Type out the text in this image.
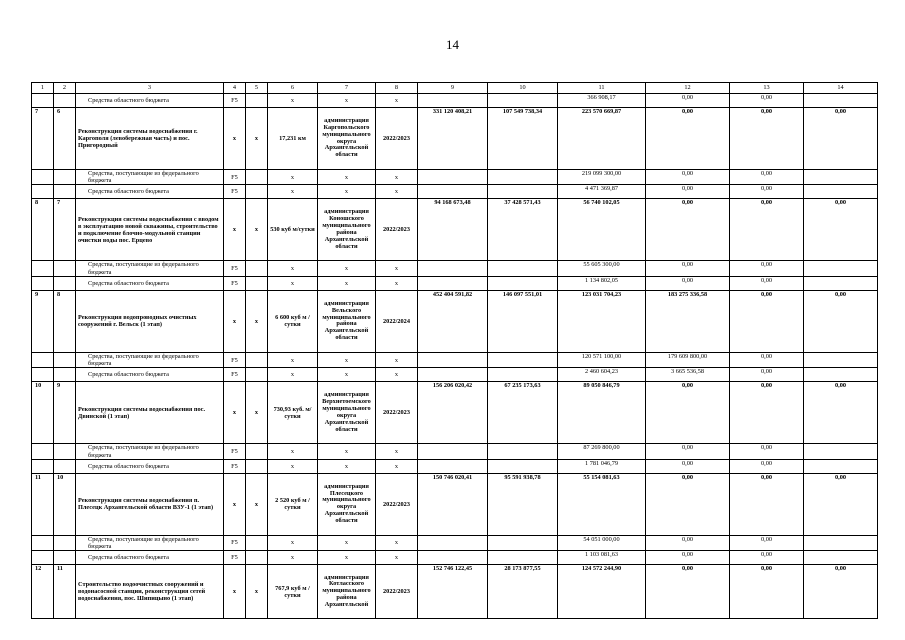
14
1	2	3	4	5	6	7	8	9	10	11	12	13	14
		Средства областного бюджета	F5		x	x	x			366 908,17	0,00	0,00	
7	6	Реконструкция системы водоснабжения г. Каргополя (левобережная часть) и пос. Пригородный	x	x	17,231 км	администрация Каргопольского муниципального округа Архангельской области	2022/2023	331 120 408,21	107 549 738,34	223 570 669,87	0,00	0,00	0,00
		Средства, поступающие из федерального бюджета	F5		x	x	x			219 099 300,00	0,00	0,00	
		Средства областного бюджета	F5		x	x	x			4 471 369,87	0,00	0,00	
8	7	Реконструкция системы водоснабжения с вводом в эксплуатацию новой скважины, строительство и подключение блочно-модульной станции очистки воды пос. Ерцево	x	x	530 куб м/сутки	администрация Коношского муниципального района Архангельской области	2022/2023	94 168 673,48	37 428 571,43	56 740 102,05	0,00	0,00	0,00
		Средства, поступающие из федерального бюджета	F5		x	x	x			55 605 300,00	0,00	0,00	
		Средства областного бюджета	F5		x	x	x			1 134 802,05	0,00	0,00	
9	8	Реконструкция водопроводных очистных сооружений г. Вельск (1 этап)	x	x	6 600 куб м / сутки	администрация Вельского муниципального района Архангельской области	2022/2024	452 404 591,82	146 097 551,01	123 031 704,23	183 275 336,58	0,00	0,00
		Средства, поступающие из федерального бюджета	F5		x	x	x			120 571 100,00	179 609 800,00	0,00	
		Средства областного бюджета	F5		x	x	x			2 460 604,23	3 665 536,58	0,00	
10	9	Реконструкция системы водоснабжения пос. Двинской (1 этап)	x	x	730,93 куб. м/сутки	администрация Верхнетоемского муниципального округа Архангельской области	2022/2023	156 206 020,42	67 235 173,63	89 050 846,79	0,00	0,00	0,00
		Средства, поступающие из федерального бюджета	F5		x	x	x			87 269 800,00	0,00	0,00	
		Средства областного бюджета	F5		x	x	x			1 781 046,79	0,00	0,00	
11	10	Реконструкция системы водоснабжения п. Плесецк Архангельской области ВЗУ-1 (1 этап)	x	x	2 520 куб м / сутки	администрация Плесецкого муниципального округа Архангельской области	2022/2023	150 746 020,41	95 591 938,78	55 154 081,63	0,00	0,00	0,00
		Средства, поступающие из федерального бюджета	F5		x	x	x			54 051 000,00	0,00	0,00	
		Средства областного бюджета	F5		x	x	x			1 103 081,63	0,00	0,00	
12	11	Строительство водоочистных сооружений и водонасосной станции, реконструкция сетей водоснабжения, пос. Шипицыно (1 этап)	x	x	767,9 куб м / сутки	администрация Котласского муниципального района Архангельской	2022/2023	152 746 122,45	28 173 877,55	124 572 244,90	0,00	0,00	0,00
